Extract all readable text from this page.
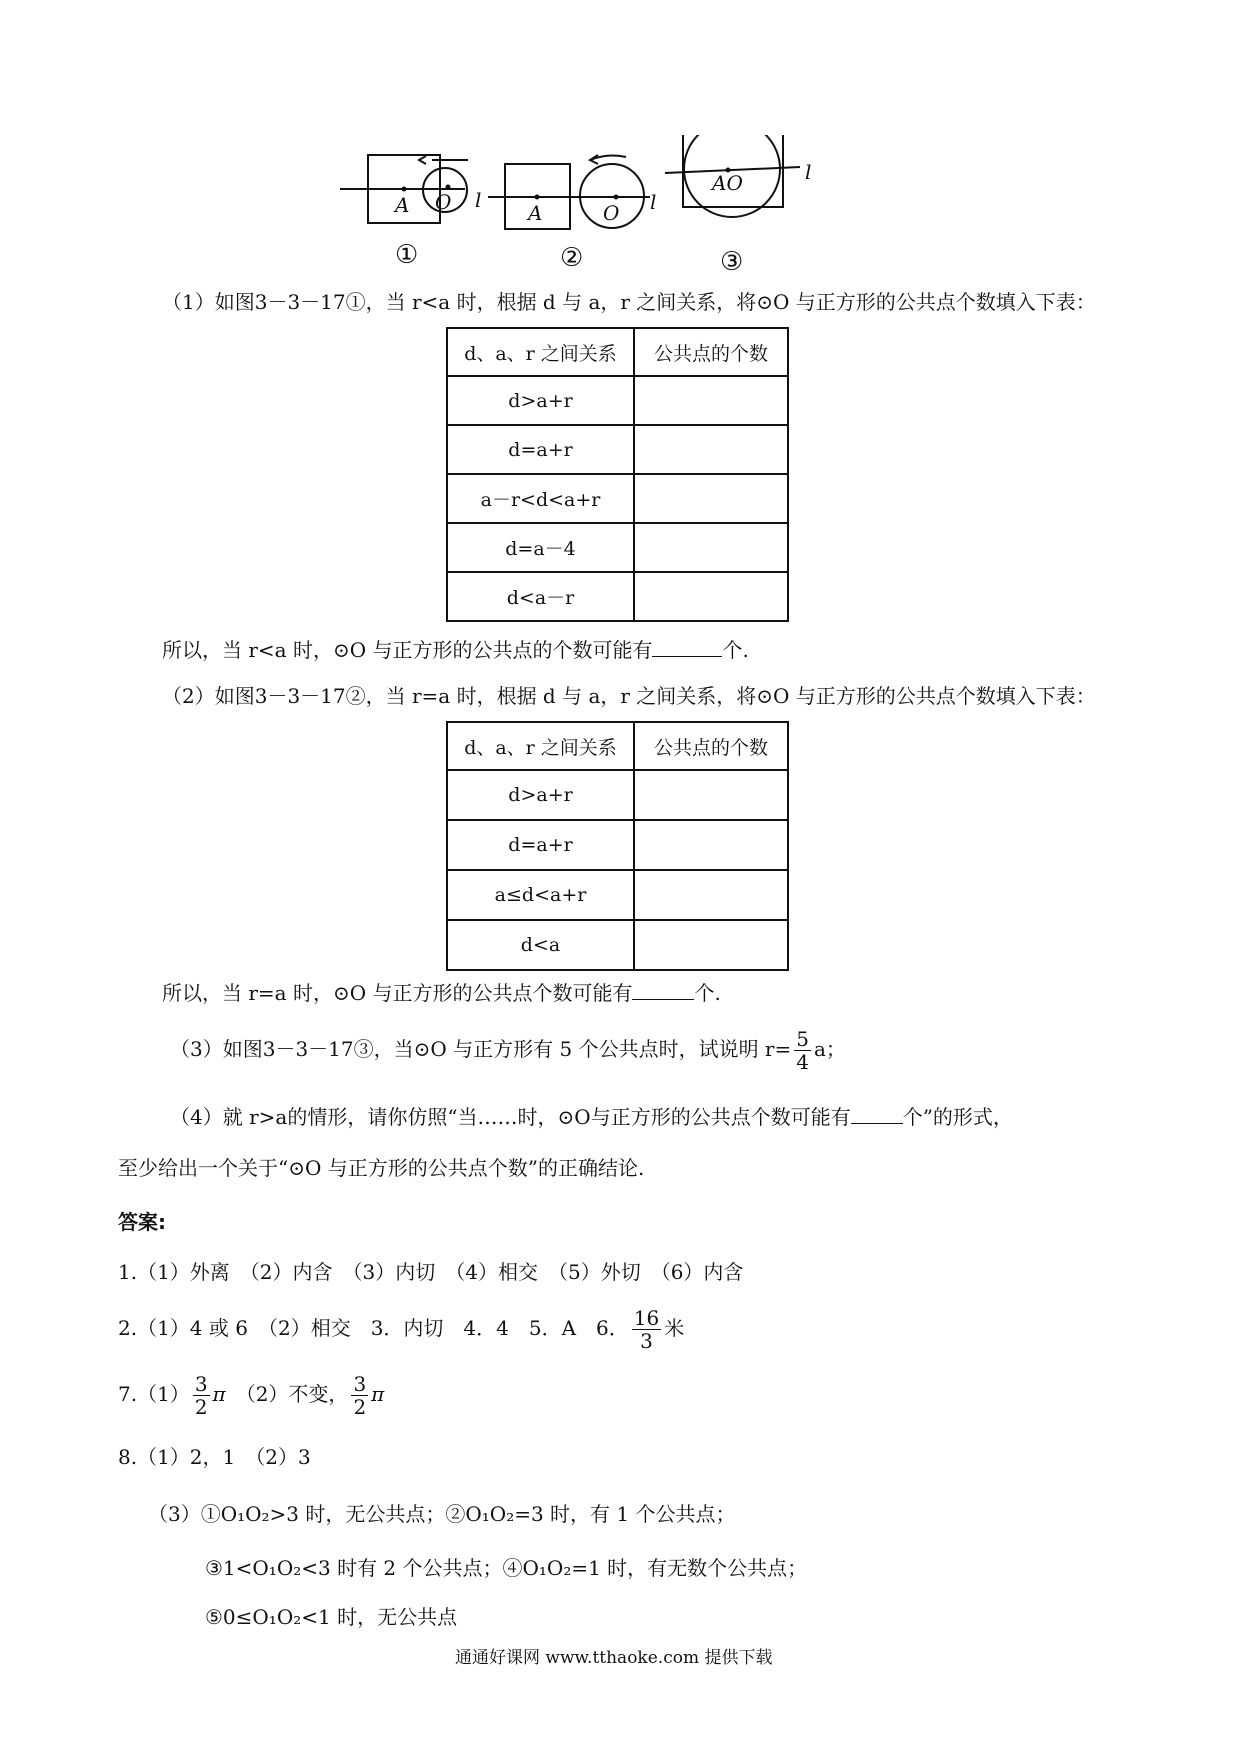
A O	A	O
AO
l	l
l
①	②	③
（1）如图3－3－17①，当 r<a 时，根据 d 与 a，r 之间关系，将⊙O 与正方形的公共点个数填入下表：
d、a、r 之间关系	公共点的个数
d>a+r	
d=a+r	
a－r<d<a+r	
d=a－4	
d<a－r	
所以，当 r<a 时，⊙O 与正方形的公共点的个数可能有	个.
（2）如图3－3－17②，当 r=a 时，根据 d 与 a，r 之间关系，将⊙O 与正方形的公共点个数填入下表：
d、a、r 之间关系	公共点的个数
d>a+r	
d=a+r	
a≤d<a+r	
d<a	
所以，当 r=a 时，⊙O 与正方形的公共点个数可能有	个.
（3）如图3－3－17③，当⊙O 与正方形有 5 个公共点时，试说明 $r= \frac{5}{4}$ a；
（4）就 r>a的情形，请你仿照“当……时，⊙O与正方形的公共点个数可能有	个”的形式，
至少给出一个关于“⊙O 与正方形的公共点个数”的正确结论.
答案:
1.（1）外离　（2）内含　（3）内切　（4）相交　（5）外切　（6）内含
2.（1）4 或 6　（2）相交　3．内切　4．4　5．A　6． $\frac{16}{3}$ 米
$7.(1) \frac{3}{2}$ π　 （2）不变， $\frac{3}{2}$ π
8.（1）2，1　（2）3
（3）①O₁O₂>3 时，无公共点；②O₁O₂=3 时，有 1 个公共点；
③1<O₁O₂<3 时有 2 个公共点；④O₁O₂=1 时，有无数个公共点；
⑤0≤O₁O₂<1 时，无公共点
通通好课网 www.tthaoke.com 提供下载
